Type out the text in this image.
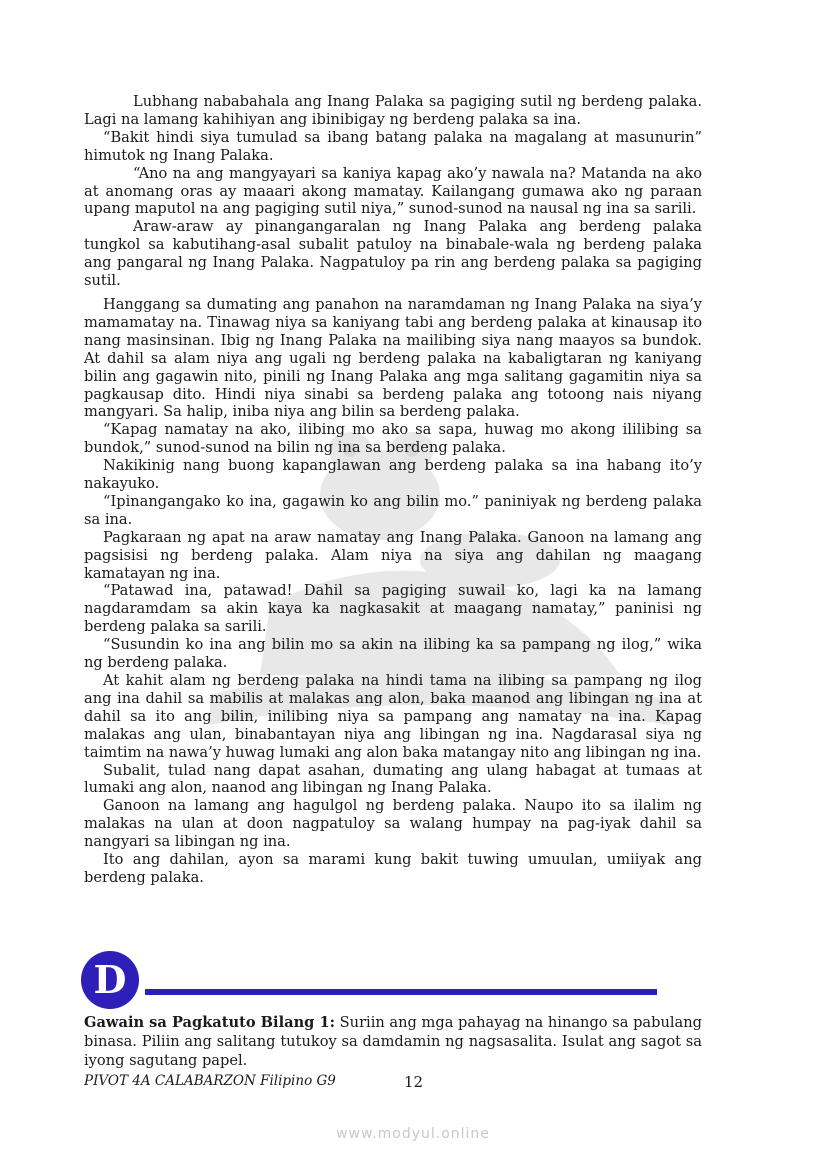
Lubhang nababahala ang Inang Palaka sa pagiging sutil ng berdeng palaka. Lagi na lamang kahihiyan ang ibinibigay ng berdeng palaka sa ina.

“Bakit hindi siya tumulad sa ibang batang palaka na magalang at masunurin” himutok ng Inang Palaka.

“Ano na ang mangyayari sa kaniya kapag ako’y nawala na? Matanda na ako at anomang oras ay maaari akong mamatay. Kailangang gumawa ako ng paraan upang maputol na ang pagiging sutil niya,” sunod-sunod na nausal ng ina sa sarili.

Araw-araw ay pinangangaralan ng Inang Palaka ang berdeng palaka tungkol sa kabutihang-asal subalit patuloy na binabale-wala ng berdeng palaka ang pangaral ng Inang Palaka. Nagpatuloy pa rin ang berdeng palaka sa pagiging sutil.

Hanggang sa dumating ang panahon na naramdaman ng Inang Palaka na siya’y mamamatay na. Tinawag niya sa kaniyang tabi ang berdeng palaka at kinausap ito nang masinsinan. Ibig ng Inang Palaka na mailibing siya nang maayos sa bundok. At dahil sa alam niya ang ugali ng berdeng palaka na kabaligtaran ng kaniyang bilin ang gagawin nito, pinili ng Inang Palaka ang mga salitang gagamitin niya sa pagkausap dito. Hindi niya sinabi sa berdeng palaka ang totoong nais niyang mangyari. Sa halip, iniba niya ang bilin sa berdeng palaka.

“Kapag namatay na ako, ilibing mo ako sa sapa, huwag mo akong ililibing sa bundok,” sunod-sunod na bilin ng ina sa berdeng palaka.

Nakikinig nang buong kapanglawan ang berdeng palaka sa ina habang ito’y nakayuko.

“Ipinangangako ko ina, gagawin ko ang bilin mo.” paniniyak ng berdeng palaka sa ina.

Pagkaraan ng apat na araw namatay ang Inang Palaka. Ganoon na lamang ang pagsisisi ng berdeng palaka. Alam niya na siya ang dahilan ng maagang kamatayan ng ina.

“Patawad ina, patawad! Dahil sa pagiging suwail ko, lagi ka na lamang nagdaramdam sa akin kaya ka nagkasakit at maagang namatay,” paninisi ng berdeng palaka sa sarili.

“Susundin ko ina ang bilin mo sa akin na ilibing ka sa pampang ng ilog,” wika ng berdeng palaka.

At kahit alam ng berdeng palaka na hindi tama na ilibing sa pampang ng ilog ang ina dahil sa mabilis at malakas ang alon, baka maanod ang libingan ng ina at dahil sa ito ang bilin, inilibing niya sa pampang ang namatay na ina. Kapag malakas ang ulan, binabantayan niya ang libingan ng ina. Nagdarasal siya ng taimtim na nawa’y huwag lumaki ang alon baka matangay nito ang libingan ng ina.

Subalit, tulad nang dapat asahan, dumating ang ulang habagat at tumaas at lumaki ang alon, naanod ang libingan ng Inang Palaka.

Ganoon na lamang ang hagulgol ng berdeng palaka. Naupo ito sa ilalim ng malakas na ulan at doon nagpatuloy sa walang humpay na pag-iyak dahil sa nangyari sa libingan ng ina.

Ito ang dahilan, ayon sa marami kung bakit tuwing umuulan, umiiyak ang berdeng palaka.

D

Gawain sa Pagkatuto Bilang 1: Suriin ang mga pahayag na hinango sa pabulang binasa. Piliin ang salitang tutukoy sa damdamin ng nagsasalita. Isulat ang sagot sa iyong sagutang papel.

PIVOT 4A CALABARZON Filipino G9	12
www.modyul.online
